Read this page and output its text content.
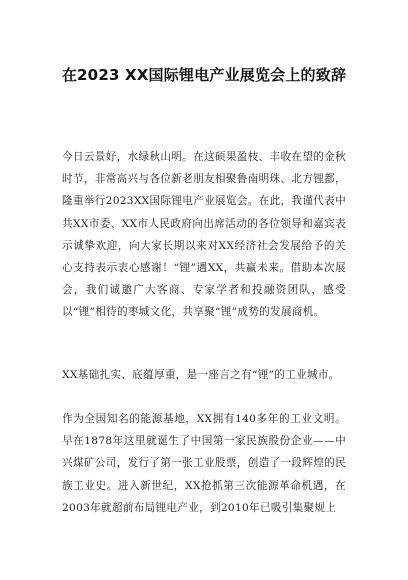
在2023 XX国际锂电产业展览会上的致辞

今日云景好，水绿秋山明。在这硕果盈枝、丰收在望的金秋时节，非常高兴与各位新老朋友相聚鲁南明珠、北方锂都，隆重举行2023XX国际锂电产业展览会。在此，我谨代表中共XX市委、XX市人民政府向出席活动的各位领导和嘉宾表示诚挚欢迎，向大家长期以来对XX经济社会发展给予的关心支持表示衷心感谢！“锂”遇XX，共赢未来。借助本次展会，我们诚邀广大客商、专家学者和投融资团队，感受以“锂”相待的枣城文化，共享聚“锂”成势的发展商机。

XX基础扎实、底蕴厚重，是一座言之有“锂”的工业城市。

作为全国知名的能源基地，XX拥有140多年的工业文明。早在1878年这里就诞生了中国第一家民族股份企业——中兴煤矿公司，发行了第一张工业股票，创造了一段辉煌的民族工业史。进入新世纪，XX抢抓第三次能源革命机遇，在2003年就超前布局锂电产业，到2010年已吸引集聚规上
